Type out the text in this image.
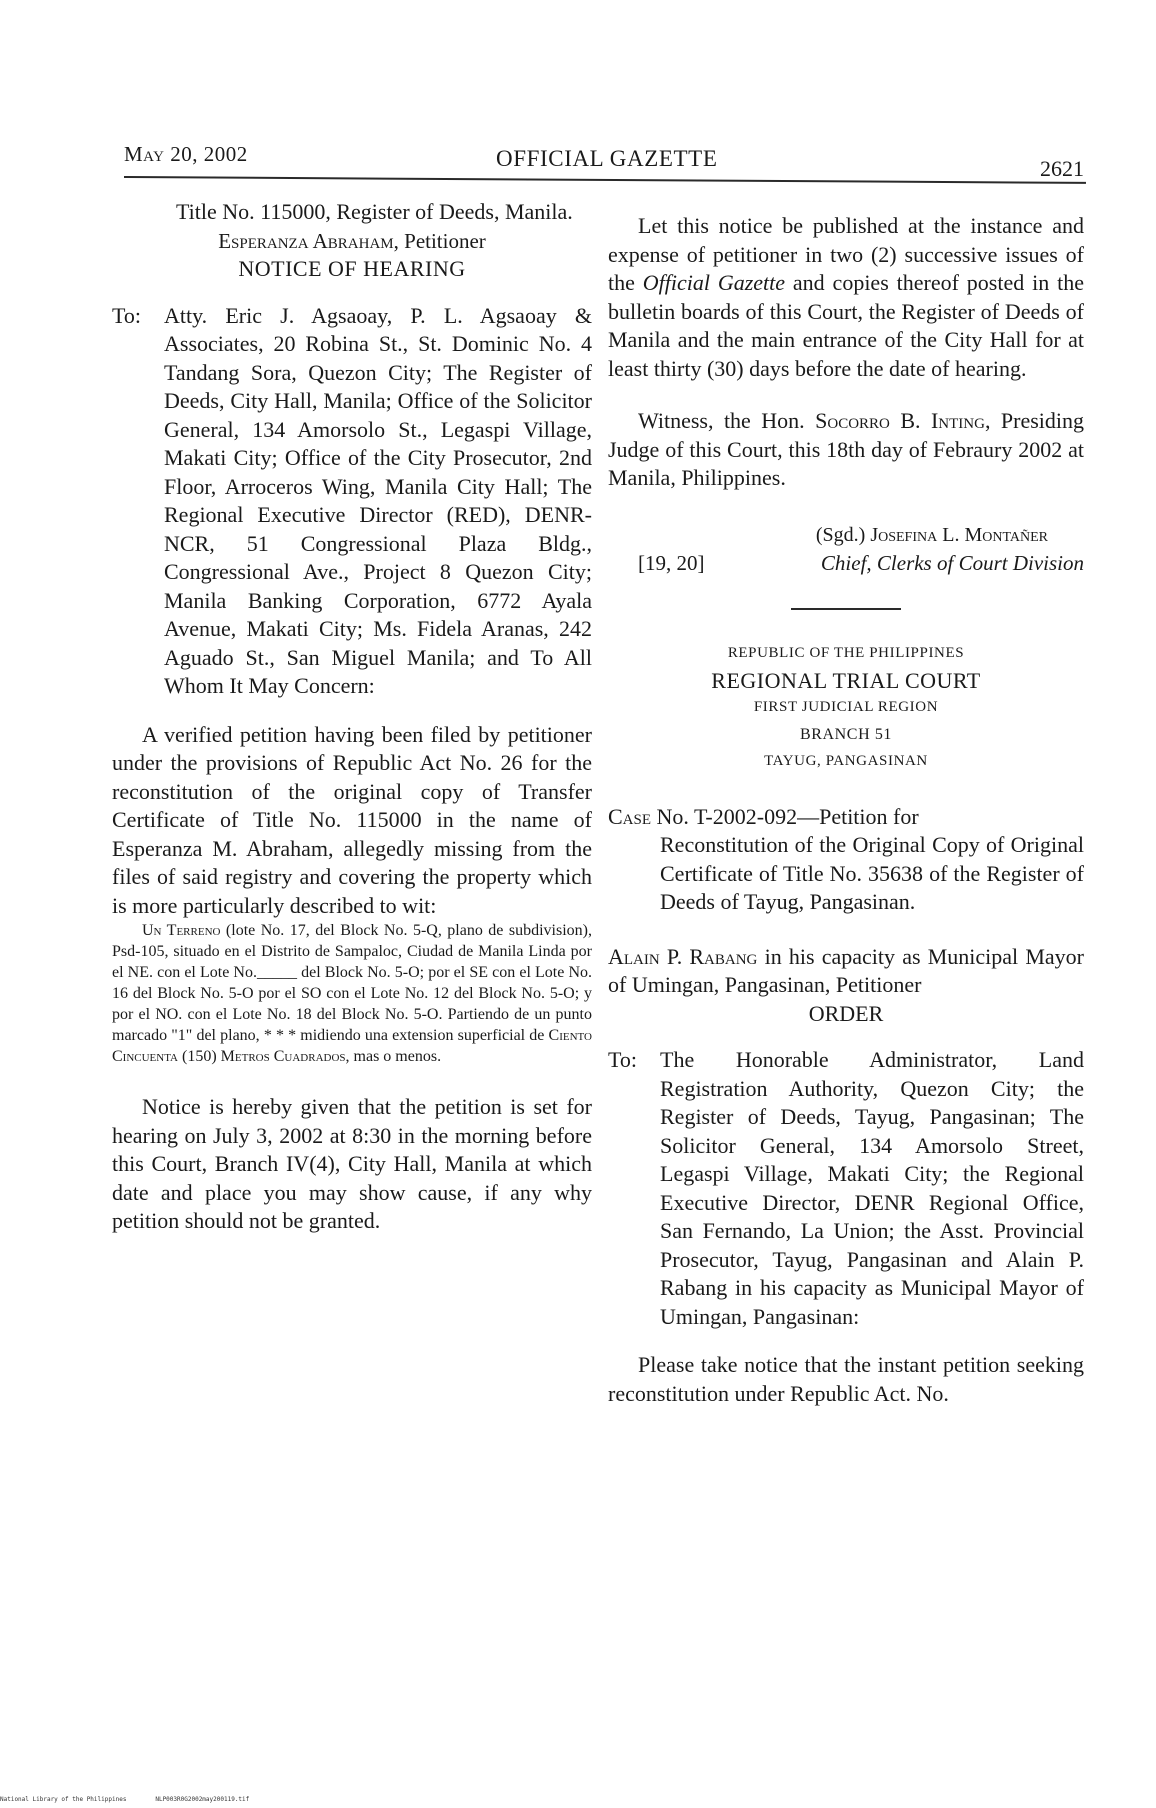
May 20, 2002	OFFICIAL GAZETTE	2621

Title No. 115000, Register of Deeds, Manila.

Esperanza Abraham, Petitioner

NOTICE OF HEARING

To:	Atty. Eric J. Agsaoay, P. L. Agsaoay & Associates, 20 Robina St., St. Dominic No. 4 Tandang Sora, Quezon City; The Register of Deeds, City Hall, Manila; Office of the Solicitor General, 134 Amorsolo St., Legaspi Village, Makati City; Office of the City Prosecutor, 2nd Floor, Arroceros Wing, Manila City Hall; The Regional Executive Director (RED), DENR-NCR, 51 Congressional Plaza Bldg., Congressional Ave., Project 8 Quezon City; Manila Banking Corporation, 6772 Ayala Avenue, Makati City; Ms. Fidela Aranas, 242 Aguado St., San Miguel Manila; and To All Whom It May Concern:

A verified petition having been filed by petitioner under the provisions of Republic Act No. 26 for the reconstitution of the original copy of Transfer Certificate of Title No. 115000 in the name of Esperanza M. Abraham, allegedly missing from the files of said registry and covering the property which is more particularly described to wit:

Un Terreno (lote No. 17, del Block No. 5-Q, plano de subdivision), Psd-105, situado en el Distrito de Sampaloc, Ciudad de Manila Linda por el NE. con el Lote No._____ del Block No. 5-O; por el SE con el Lote No. 16 del Block No. 5-O por el SO con el Lote No. 12 del Block No. 5-O; y por el NO. con el Lote No. 18 del Block No. 5-O. Partiendo de un punto marcado "1" del plano, * * * midiendo una extension superficial de Ciento Cincuenta (150) Metros Cuadrados, mas o menos.

Notice is hereby given that the petition is set for hearing on July 3, 2002 at 8:30 in the morning before this Court, Branch IV(4), City Hall, Manila at which date and place you may show cause, if any why petition should not be granted.

Let this notice be published at the instance and expense of petitioner in two (2) successive issues of the Official Gazette and copies thereof posted in the bulletin boards of this Court, the Register of Deeds of Manila and the main entrance of the City Hall for at least thirty (30) days before the date of hearing.

Witness, the Hon. Socorro B. Inting, Presiding Judge of this Court, this 18th day of Febraury 2002 at Manila, Philippines.

(Sgd.) Josefina L. Montañer
[19, 20]	Chief, Clerks of Court Division
REPUBLIC OF THE PHILIPPINES
REGIONAL TRIAL COURT
FIRST JUDICIAL REGION
BRANCH 51
TAYUG, PANGASINAN
Case No. T-2002-092—Petition for
Reconstitution of the Original Copy of Original Certificate of Title No. 35638 of the Register of Deeds of Tayug, Pangasinan.

Alain P. Rabang in his capacity as Municipal Mayor of Umingan, Pangasinan, Petitioner

ORDER

To:	The Honorable Administrator, Land Registration Authority, Quezon City; the Register of Deeds, Tayug, Pangasinan; The Solicitor General, 134 Amorsolo Street, Legaspi Village, Makati City; the Regional Executive Director, DENR Regional Office, San Fernando, La Union; the Asst. Provincial Prosecutor, Tayug, Pangasinan and Alain P. Rabang in his capacity as Municipal Mayor of Umingan, Pangasinan:

Please take notice that the instant petition seeking reconstitution under Republic Act. No.

National Library of the Philippines	NLP003R0G2002may200119.tif
